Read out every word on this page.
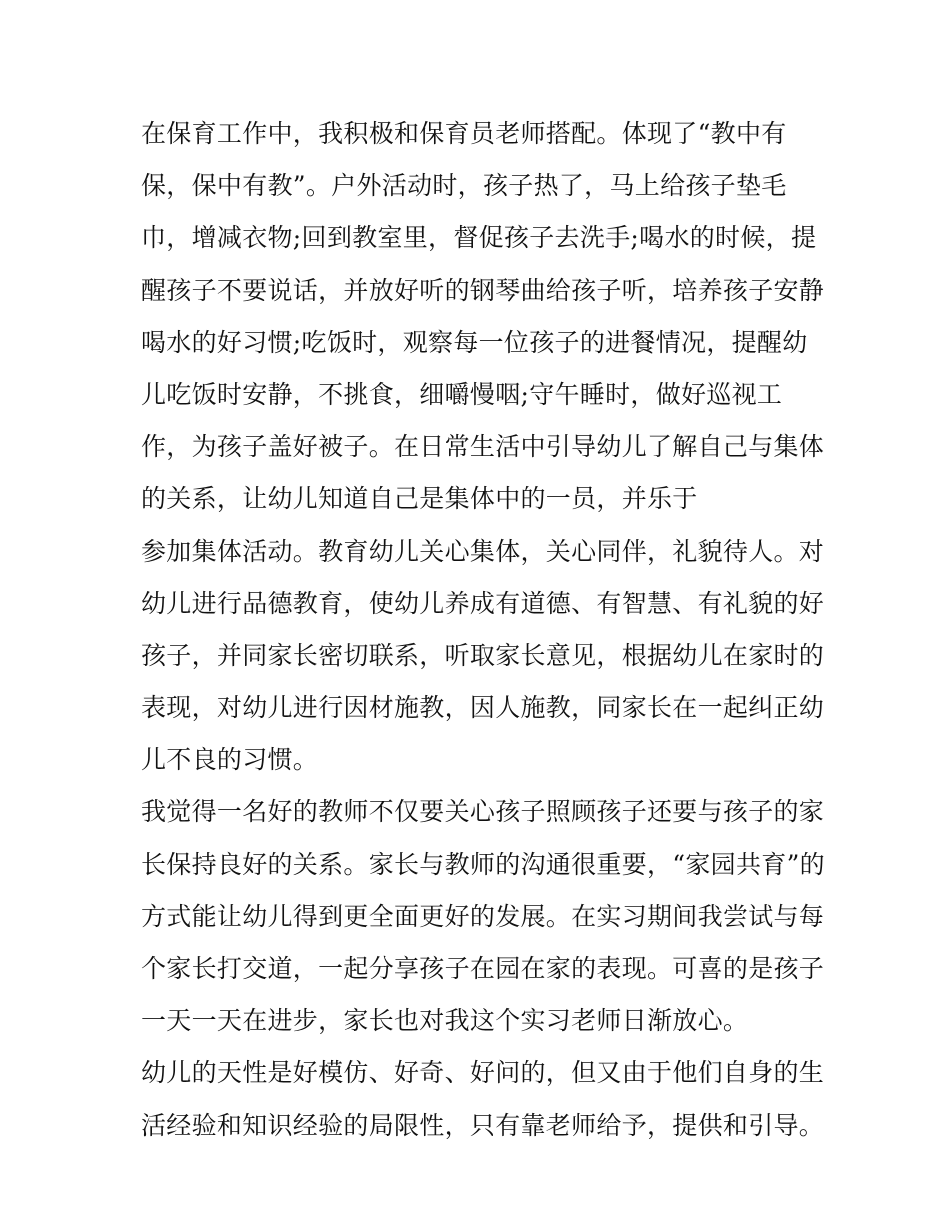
在保育工作中，我积极和保育员老师搭配。体现了“教中有
保，保中有教”。户外活动时，孩子热了，马上给孩子垫毛
巾，增减衣物;回到教室里，督促孩子去洗手;喝水的时候，提
醒孩子不要说话，并放好听的钢琴曲给孩子听，培养孩子安静
喝水的好习惯;吃饭时，观察每一位孩子的进餐情况，提醒幼
儿吃饭时安静，不挑食，细嚼慢咽;守午睡时，做好巡视工
作，为孩子盖好被子。在日常生活中引导幼儿了解自己与集体
的关系，让幼儿知道自己是集体中的一员，并乐于
参加集体活动。教育幼儿关心集体，关心同伴，礼貌待人。对
幼儿进行品德教育，使幼儿养成有道德、有智慧、有礼貌的好
孩子，并同家长密切联系，听取家长意见，根据幼儿在家时的
表现，对幼儿进行因材施教，因人施教，同家长在一起纠正幼
儿不良的习惯。
我觉得一名好的教师不仅要关心孩子照顾孩子还要与孩子的家
长保持良好的关系。家长与教师的沟通很重要，“家园共育”的
方式能让幼儿得到更全面更好的发展。在实习期间我尝试与每
个家长打交道，一起分享孩子在园在家的表现。可喜的是孩子
一天一天在进步，家长也对我这个实习老师日渐放心。
幼儿的天性是好模仿、好奇、好问的，但又由于他们自身的生
活经验和知识经验的局限性，只有靠老师给予，提供和引导。
